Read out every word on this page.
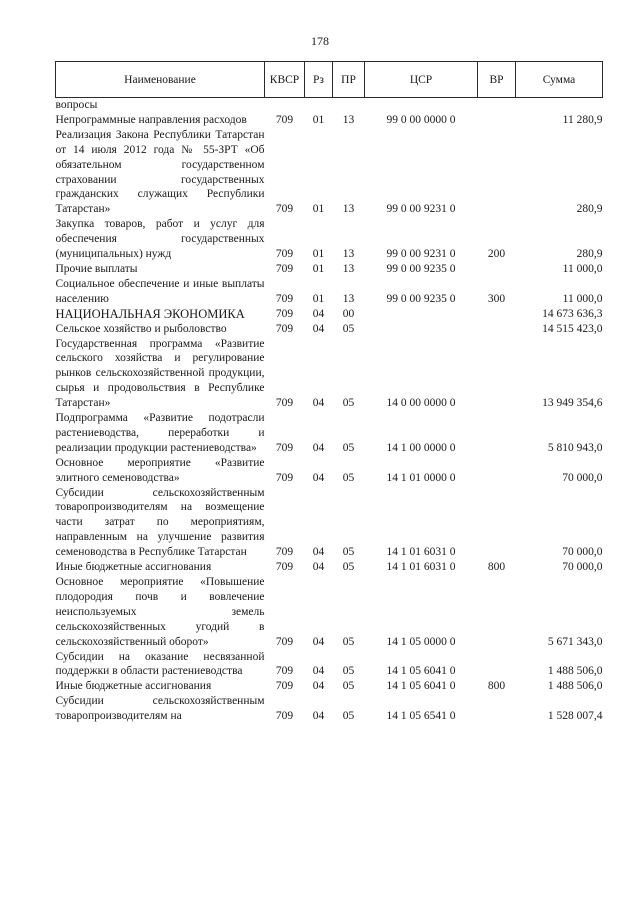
178
Наименование	КВСР	Рз	ПР	ЦСР	ВР	Сумма
вопросы						
Непрограммные направления расходов	709	01	13	99 0 00 0000 0		11 280,9
Реализация Закона Республики Татарстан от 14 июля 2012 года № 55-ЗРТ «Об обязательном государственном страховании государственных гражданских служащих Республики Татарстан»	709	01	13	99 0 00 9231 0		280,9
Закупка товаров, работ и услуг для обеспечения государственных (муниципальных) нужд	709	01	13	99 0 00 9231 0	200	280,9
Прочие выплаты	709	01	13	99 0 00 9235 0		11 000,0
Социальное обеспечение и иные выплаты населению	709	01	13	99 0 00 9235 0	300	11 000,0
НАЦИОНАЛЬНАЯ ЭКОНОМИКА	709	04	00			14 673 636,3
Сельское хозяйство и рыболовство	709	04	05			14 515 423,0
Государственная программа «Развитие сельского хозяйства и регулирование рынков сельскохозяйственной продукции, сырья и продовольствия в Республике Татарстан»	709	04	05	14 0 00 0000 0		13 949 354,6
Подпрограмма «Развитие подотрасли растениеводства, переработки и реализации продукции растениеводства»	709	04	05	14 1 00 0000 0		5 810 943,0
Основное мероприятие «Развитие элитного семеноводства»	709	04	05	14 1 01 0000 0		70 000,0
Субсидии сельскохозяйственным товаропроизводителям на возмещение части затрат по мероприятиям, направленным на улучшение развития семеноводства в Республике Татарстан	709	04	05	14 1 01 6031 0		70 000,0
Иные бюджетные ассигнования	709	04	05	14 1 01 6031 0	800	70 000,0
Основное мероприятие «Повышение плодородия почв и вовлечение неиспользуемых земель сельскохозяйственных угодий в сельскохозяйственный оборот»	709	04	05	14 1 05 0000 0		5 671 343,0
Субсидии на оказание несвязанной поддержки в области растениеводства	709	04	05	14 1 05 6041 0		1 488 506,0
Иные бюджетные ассигнования	709	04	05	14 1 05 6041 0	800	1 488 506,0
Субсидии сельскохозяйственным товаропроизводителям на	709	04	05	14 1 05 6541 0		1 528 007,4
